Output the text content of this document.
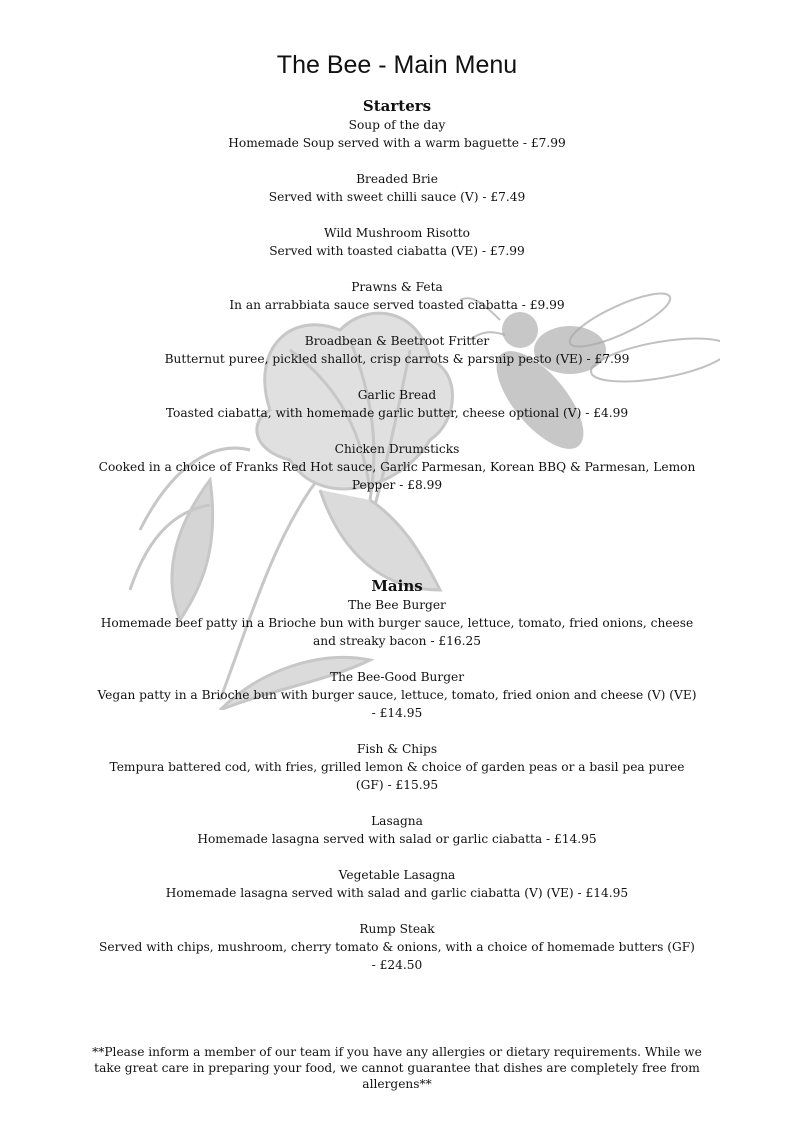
The Bee - Main Menu
Starters
Soup of the day
Homemade Soup served with a warm baguette - £7.99
Breaded Brie
Served with sweet chilli sauce (V) - £7.49
Wild Mushroom Risotto
Served with toasted ciabatta (VE) - £7.99
Prawns & Feta
In an arrabbiata sauce served toasted ciabatta - £9.99
Broadbean & Beetroot Fritter
Butternut puree, pickled shallot, crisp carrots & parsnip pesto (VE) - £7.99
Garlic Bread
Toasted ciabatta, with homemade garlic butter, cheese optional (V) - £4.99
Chicken Drumsticks
Cooked in a choice of Franks Red Hot sauce, Garlic Parmesan, Korean BBQ & Parmesan, Lemon Pepper - £8.99
Mains
The Bee Burger
Homemade beef patty in a Brioche bun with burger sauce, lettuce, tomato, fried onions, cheese and streaky bacon - £16.25
The Bee-Good Burger
Vegan patty in a Brioche bun with burger sauce, lettuce, tomato, fried onion and cheese (V) (VE) - £14.95
Fish & Chips
Tempura battered cod, with fries, grilled lemon & choice of garden peas or a basil pea puree (GF) - £15.95
Lasagna
Homemade lasagna served with salad or garlic ciabatta - £14.95
Vegetable Lasagna
Homemade lasagna served with salad and garlic ciabatta (V) (VE) - £14.95
Rump Steak
Served with chips, mushroom, cherry tomato & onions, with a choice of homemade butters (GF) - £24.50
**Please inform a member of our team if you have any allergies or dietary requirements. While we take great care in preparing your food, we cannot guarantee that dishes are completely free from allergens**
